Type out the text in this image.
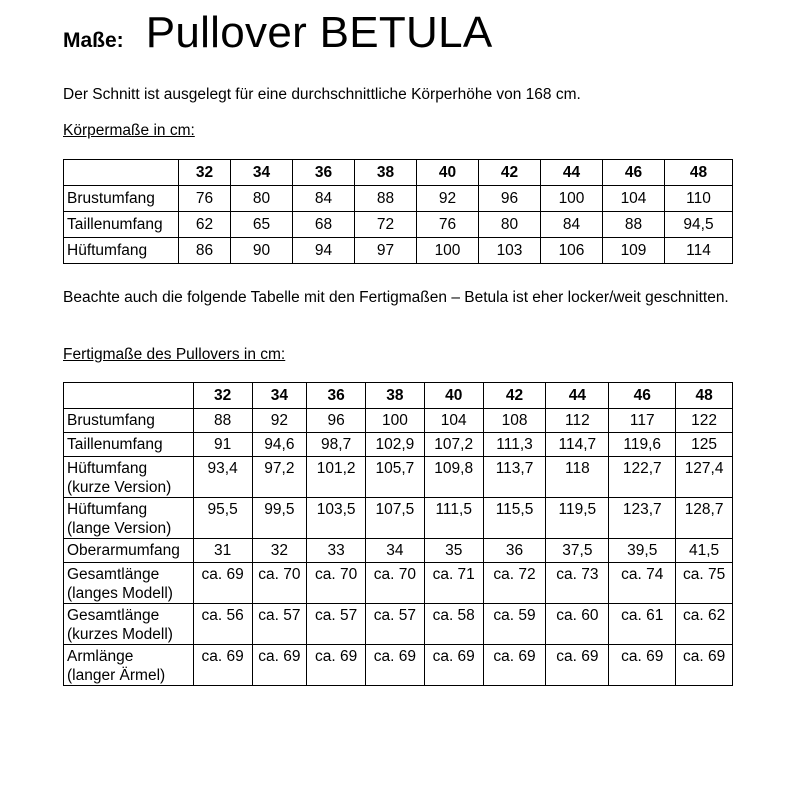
Maße: Pullover BETULA
Der Schnitt ist ausgelegt für eine durchschnittliche Körperhöhe von 168 cm.
Körpermaße in cm:
	32	34	36	38	40	42	44	46	48

Brustumfang	76	80	84	88	92	96	100	104	110

Taillenumfang	62	65	68	72	76	80	84	88	94,5

Hüftumfang	86	90	94	97	100	103	106	109	114
Beachte auch die folgende Tabelle mit den Fertigmaßen – Betula ist eher locker/weit geschnitten.
Fertigmaße des Pullovers in cm:
	32	34	36	38	40	42	44	46	48

Brustumfang	88	92	96	100	104	108	112	117	122

Taillenumfang	91	94,6	98,7	102,9	107,2	111,3	114,7	119,6	125

Hüftumfang
(kurze Version)	93,4	97,2	101,2	105,7	109,8	113,7	118	122,7	127,4

Hüftumfang
(lange Version)	95,5	99,5	103,5	107,5	111,5	115,5	119,5	123,7	128,7

Oberarmumfang	31	32	33	34	35	36	37,5	39,5	41,5

Gesamtlänge
(langes Modell)	ca. 69	ca. 70	ca. 70	ca. 70	ca. 71	ca. 72	ca. 73	ca. 74	ca. 75

Gesamtlänge
(kurzes Modell)	ca. 56	ca. 57	ca. 57	ca. 57	ca. 58	ca. 59	ca. 60	ca. 61	ca. 62

Armlänge
(langer Ärmel)	ca. 69	ca. 69	ca. 69	ca. 69	ca. 69	ca. 69	ca. 69	ca. 69	ca. 69
